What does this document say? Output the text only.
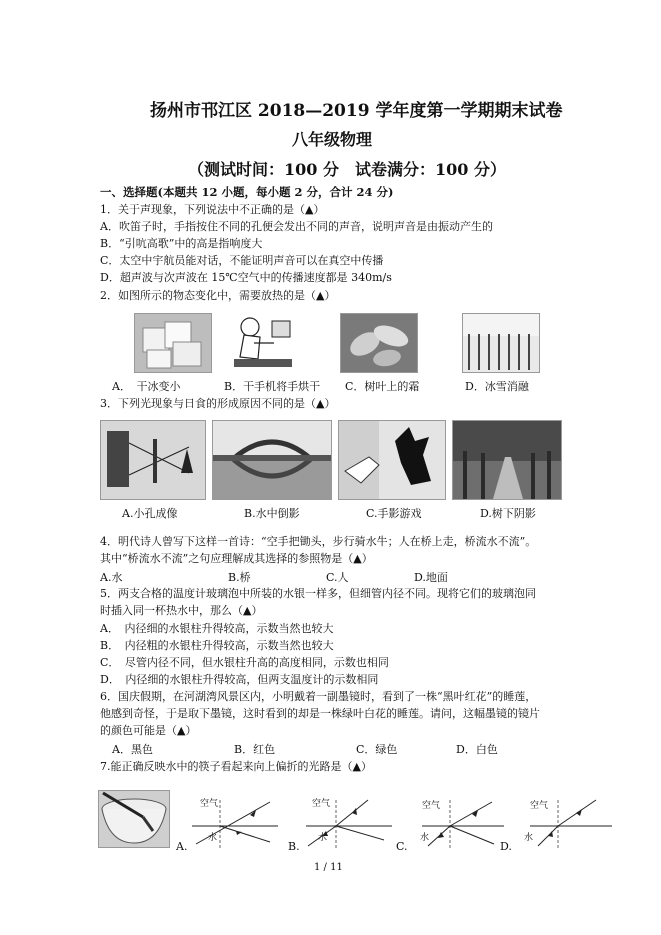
扬州市邗江区 2018—2019 学年度第一学期期末试卷
八年级物理
（测试时间：100 分　试卷满分：100 分）
一、选择题(本题共 12 小题，每小题 2 分，合计 24 分)
1．关于声现象，下列说法中不正确的是（▲）
A．吹笛子时，手指按住不同的孔便会发出不同的声音，说明声音是由振动产生的
B．“引吭高歌”中的高是指响度大
C．太空中宇航员能对话，不能证明声音可以在真空中传播
D．超声波与次声波在 15℃空气中的传播速度都是 340m/s
2．如图所示的物态变化中，需要放热的是（▲）
A．　干冰变小	B．干手机将手烘干 C．树叶上的霜	D．冰雪消融
3．下列光现象与日食的形成原因不同的是（▲）
A.小孔成像	B.水中倒影	C.手影游戏	D.树下阴影
4．明代诗人曾写下这样一首诗：“空手把锄头，步行骑水牛；人在桥上走，桥流水不流”。
其中“桥流水不流”之句应理解成其选择的参照物是（▲）
A.水	B.桥	C.人	D.地面
5．两支合格的温度计玻璃泡中所装的水银一样多，但细管内径不同。现将它们的玻璃泡同
时插入同一杯热水中，那么（▲）
A．　内径细的水银柱升得较高，示数当然也较大
B．　内径粗的水银柱升得较高，示数当然也较大
C．　尽管内径不同，但水银柱升高的高度相同，示数也相同
D．　内径细的水银柱升得较高，但两支温度计的示数相同
6．国庆假期，在河湖湾风景区内，小明戴着一副墨镜时，看到了一株“黑叶红花”的睡莲，
他感到奇怪，于是取下墨镜，这时看到的却是一株绿叶白花的睡莲。请问，这幅墨镜的镜片
的颜色可能是（▲）
A．黑色	B．红色	C．绿色	D．白色
7.能正确反映水中的筷子看起来向上偏折的光路是（▲）
空气
水
A.
空气
水
B.
空气
水
C.
空气
水
D.
1 / 11
